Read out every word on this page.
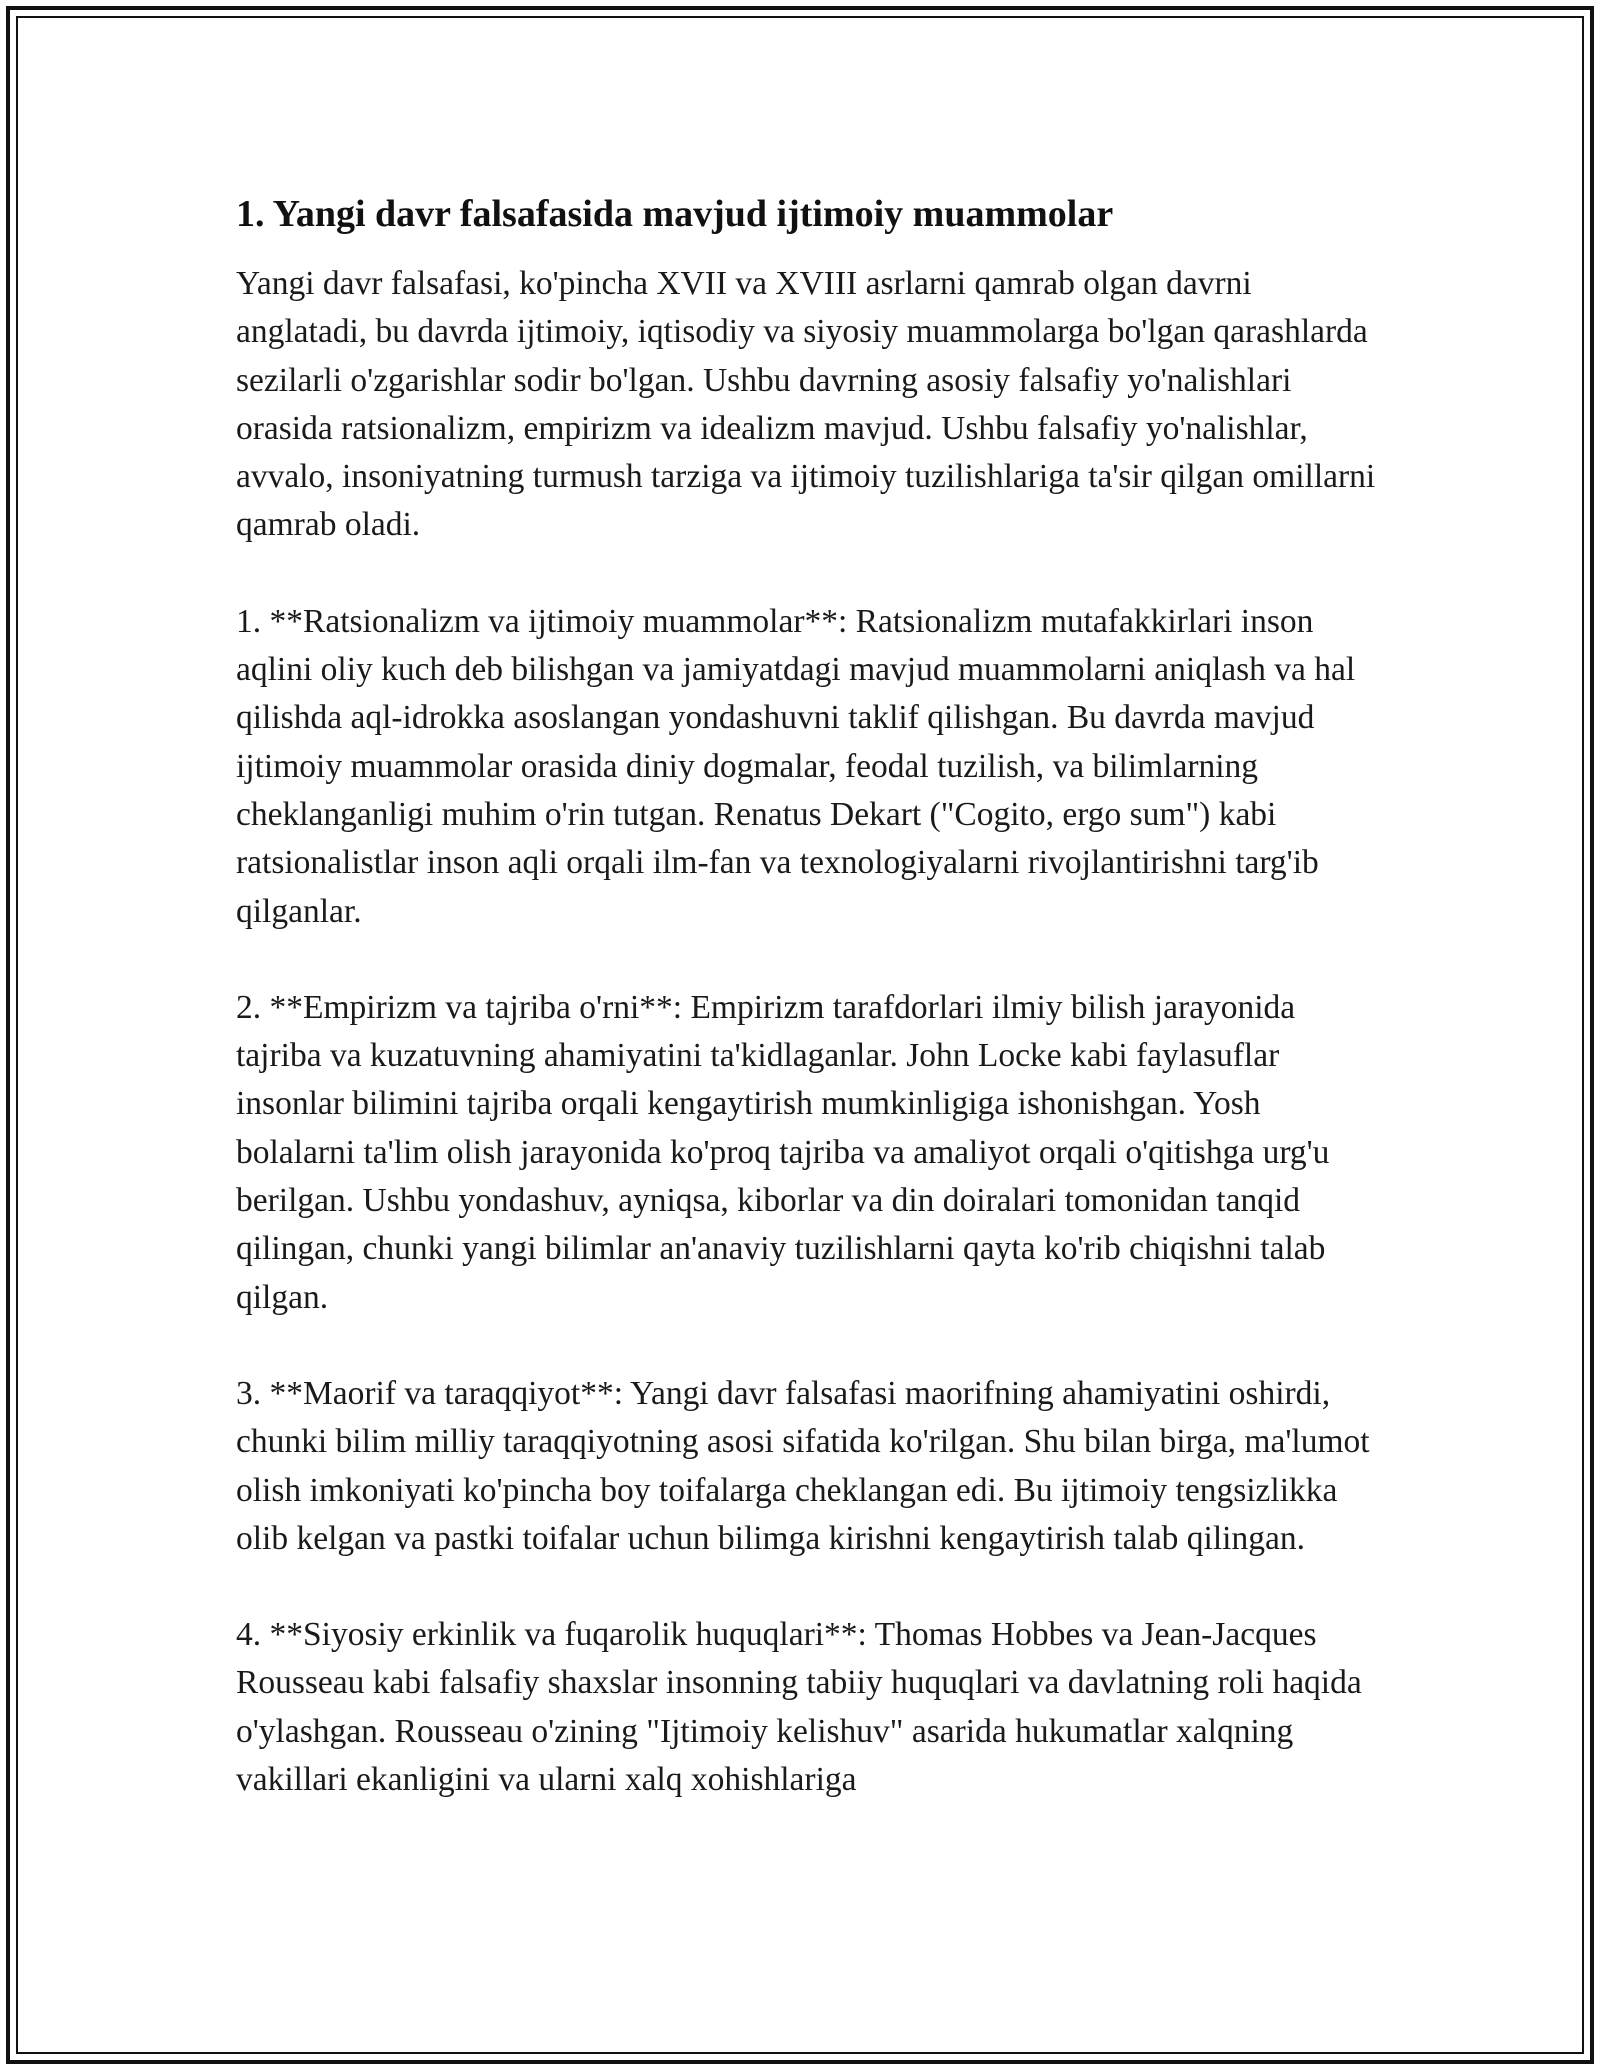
1. Yangi davr falsafasida mavjud ijtimoiy muammolar

Yangi davr falsafasi, ko'pincha XVII va XVIII asrlarni qamrab olgan davrni anglatadi, bu davrda ijtimoiy, iqtisodiy va siyosiy muammolarga bo'lgan qarashlarda sezilarli o'zgarishlar sodir bo'lgan. Ushbu davrning asosiy falsafiy yo'nalishlari orasida ratsionalizm, empirizm va idealizm mavjud. Ushbu falsafiy yo'nalishlar, avvalo, insoniyatning turmush tarziga va ijtimoiy tuzilishlariga ta'sir qilgan omillarni qamrab oladi.

1. **Ratsionalizm va ijtimoiy muammolar**: Ratsionalizm mutafakkirlari inson aqlini oliy kuch deb bilishgan va jamiyatdagi mavjud muammolarni aniqlash va hal qilishda aql-idrokka asoslangan yondashuvni taklif qilishgan. Bu davrda mavjud ijtimoiy muammolar orasida diniy dogmalar, feodal tuzilish, va bilimlarning cheklanganligi muhim o'rin tutgan. Renatus Dekart ("Cogito, ergo sum") kabi ratsionalistlar inson aqli orqali ilm-fan va texnologiyalarni rivojlantirishni targ'ib qilganlar.

2. **Empirizm va tajriba o'rni**: Empirizm tarafdorlari ilmiy bilish jarayonida tajriba va kuzatuvning ahamiyatini ta'kidlaganlar. John Locke kabi faylasuflar insonlar bilimini tajriba orqali kengaytirish mumkinligiga ishonishgan. Yosh bolalarni ta'lim olish jarayonida ko'proq tajriba va amaliyot orqali o'qitishga urg'u berilgan. Ushbu yondashuv, ayniqsa, kiborlar va din doiralari tomonidan tanqid qilingan, chunki yangi bilimlar an'anaviy tuzilishlarni qayta ko'rib chiqishni talab qilgan.

3. **Maorif va taraqqiyot**: Yangi davr falsafasi maorifning ahamiyatini oshirdi, chunki bilim milliy taraqqiyotning asosi sifatida ko'rilgan. Shu bilan birga, ma'lumot olish imkoniyati ko'pincha boy toifalarga cheklangan edi. Bu ijtimoiy tengsizlikka olib kelgan va pastki toifalar uchun bilimga kirishni kengaytirish talab qilingan.

4. **Siyosiy erkinlik va fuqarolik huquqlari**: Thomas Hobbes va Jean-Jacques Rousseau kabi falsafiy shaxslar insonning tabiiy huquqlari va davlatning roli haqida o'ylashgan. Rousseau o'zining "Ijtimoiy kelishuv" asarida hukumatlar xalqning vakillari ekanligini va ularni xalq xohishlariga
